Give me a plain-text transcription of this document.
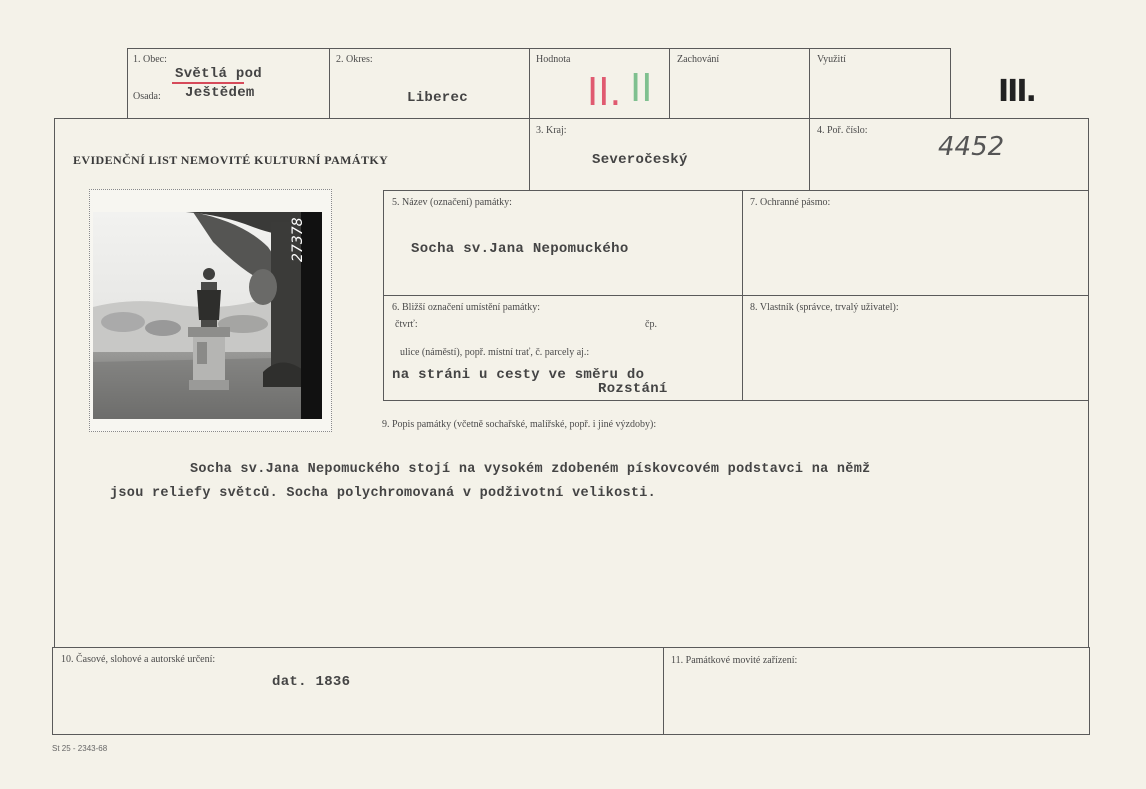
1. Obec:
Světlá pod
Osada: Ještědem
2. Okres:
Liberec
Hodnota
II. II
Zachování	Využití
III.
EVIDENČNÍ LIST NEMOVITÉ KULTURNÍ PAMÁTKY
3. Kraj:
Severočeský
4. Poř. číslo:
4452
27378
5. Název (označení) památky:
Socha sv.Jana Nepomuckého
7. Ochranné pásmo:
6. Bližší označení umístění památky:
čtvrť:	čp.
ulice (náměstí), popř. místní trať, č. parcely aj.:
na stráni u cesty ve směru do
Rozstání
8. Vlastník (správce, trvalý uživatel):
9. Popis památky (včetně sochařské, malířské, popř. i jiné výzdoby):
Socha sv.Jana Nepomuckého stojí na vysokém zdobeném pískovcovém podstavci na němž
jsou reliefy světců. Socha polychromovaná v podživotní velikosti.
10. Časové, slohové a autorské určení:
dat. 1836
11. Památkové movité zařízení:
St 25 - 2343-68
